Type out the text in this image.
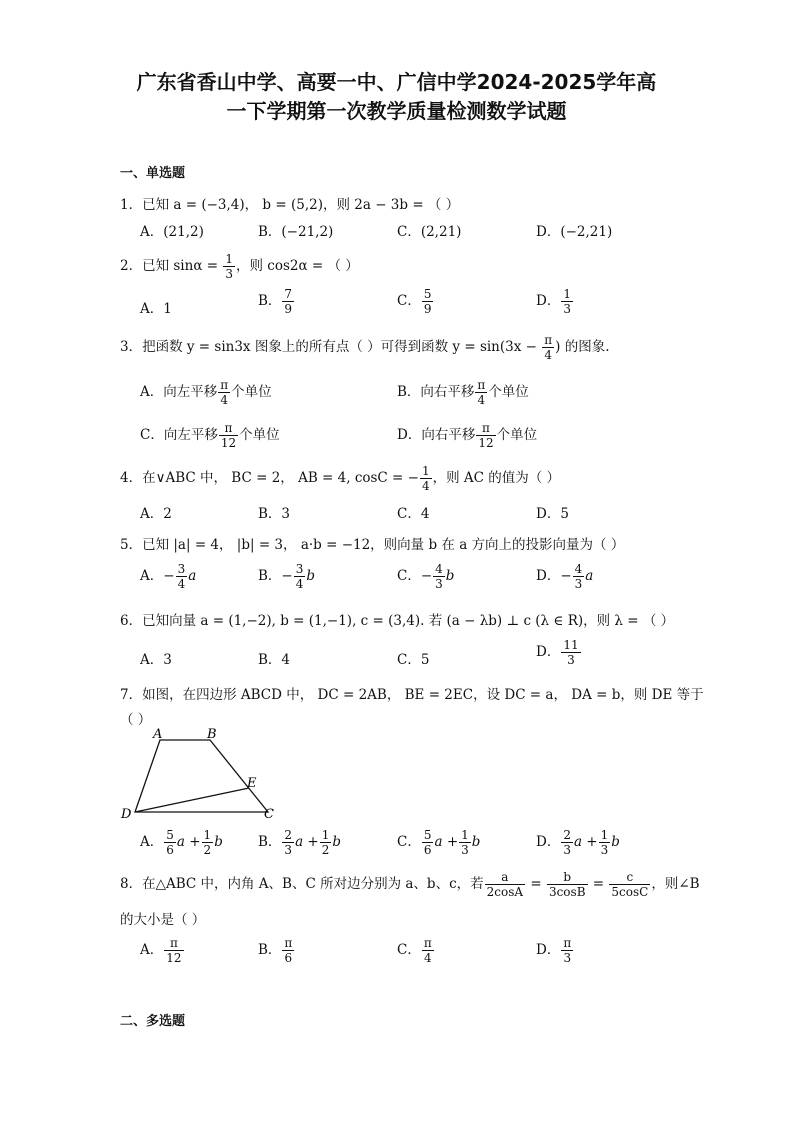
广东省香山中学、高要一中、广信中学2024-2025学年高
一下学期第一次教学质量检测数学试题
一、单选题
1．已知 a = (−3,4)， b = (5,2)，则 2a − 3b = （ ）
A．(21,2)	B．(−21,2)	C．(2,21)	D．(−2,21)
2．已知 $\sin\alpha = \frac{1}{3}$ ，则 cos2α = （ ）
A．1	B． $\frac{7}{9}$	C． $\frac{5}{9}$	D． $\frac{1}{3}$
3．把函数 y = sin3x 图象上的所有点（ ）可得到函数 $y = \sin(3x - \frac{\pi}{4}$ ) 的图象.
A．向左平移 $\frac{\pi}{4}$ 个单位	B．向右平移 $\frac{\pi}{4}$ 个单位
C．向左平移 $\frac{\pi}{12}$ 个单位	D．向右平移 $\frac{\pi}{12}$ 个单位
4．在∨ABC 中， BC = 2， AB = 4, cosC = − $\frac{1}{4}$ ，则 AC 的值为（ ）
A．2	B．3	C．4	D．5
5．已知 |a| = 4， |b| = 3， a·b = −12，则向量 b 在 a 方向上的投影向量为（ ）
A．− $\frac{3}{4}$ a	B．− $\frac{3}{4}$ b	C．− $\frac{4}{3}$ b	D．− $\frac{4}{3}$ a
6．已知向量 a = (1,−2), b = (1,−1), c = (3,4). 若 (a − λb) ⊥ c (λ ∈ R)，则 λ = （ ）
A．3	B．4	C．5	D． $\frac{11}{3}$
7．如图，在四边形 ABCD 中， DC = 2AB， BE = 2EC，设 DC = a， DA = b，则 DE 等于
（ ）
A	B
E
D	C
A． $\frac{5}{6}$ $a + \frac{1}{2}$ b	B． $\frac{2}{3}$ $a + \frac{1}{2}$ b	C． $\frac{5}{6}$ $a + \frac{1}{3}$ b	D． $\frac{2}{3}$ $a + \frac{1}{3}$ b
8．在△ABC 中，内角 A、B、C 所对边分别为 a、b、c，若 $\frac{a}{2\cos A} = \frac{b}{3\cos B} = \frac{c}{5\cos C}$ ，则∠B
的大小是（ ）
A． $\frac{\pi}{12}$	B． $\frac{\pi}{6}$	C． $\frac{\pi}{4}$	D． $\frac{\pi}{3}$
二、多选题
